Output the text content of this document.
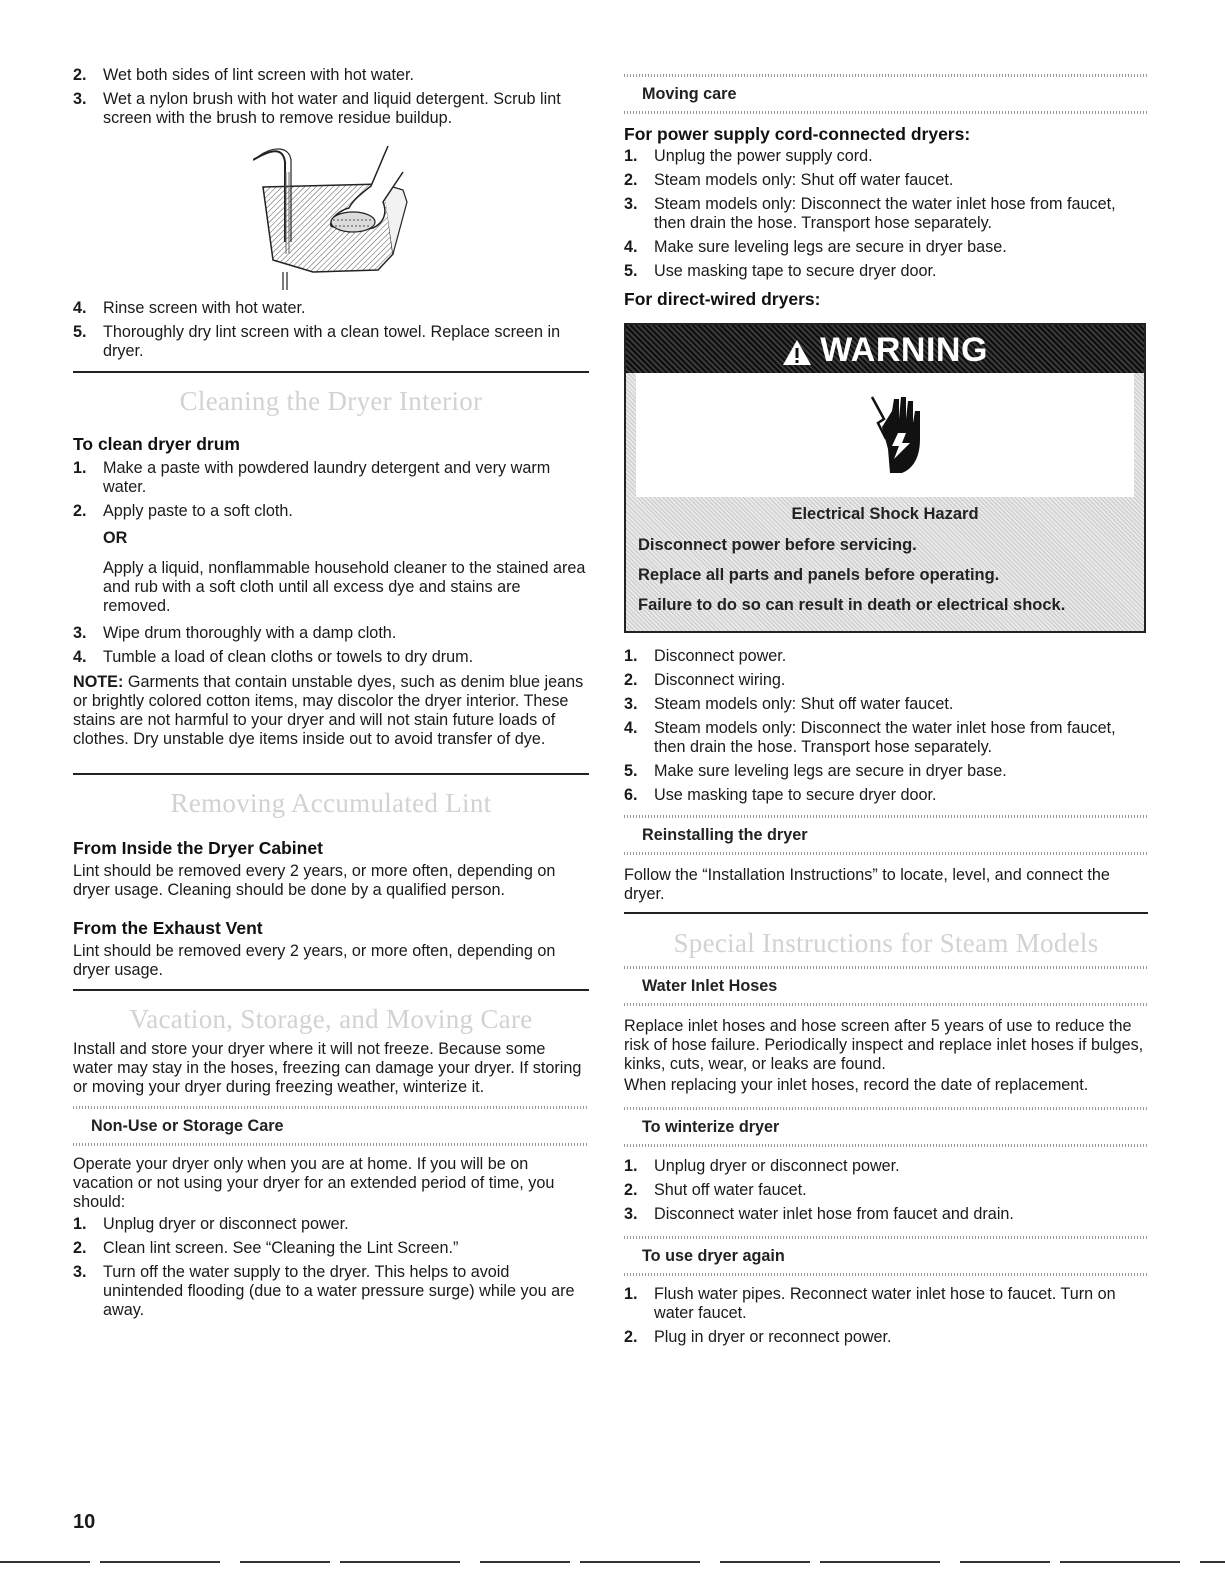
2. Wet both sides of lint screen with hot water.
3. Wet a nylon brush with hot water and liquid detergent. Scrub lint screen with the brush to remove residue buildup.
4. Rinse screen with hot water.
5. Thoroughly dry lint screen with a clean towel. Replace screen in dryer.
Cleaning the Dryer Interior
To clean dryer drum
1. Make a paste with powdered laundry detergent and very warm water.
2. Apply paste to a soft cloth.
OR
Apply a liquid, nonflammable household cleaner to the stained area and rub with a soft cloth until all excess dye and stains are removed.
3. Wipe drum thoroughly with a damp cloth.
4. Tumble a load of clean cloths or towels to dry drum.
NOTE: Garments that contain unstable dyes, such as denim blue jeans or brightly colored cotton items, may discolor the dryer interior. These stains are not harmful to your dryer and will not stain future loads of clothes. Dry unstable dye items inside out to avoid transfer of dye.
Removing Accumulated Lint
From Inside the Dryer Cabinet
Lint should be removed every 2 years, or more often, depending on dryer usage. Cleaning should be done by a qualified person.
From the Exhaust Vent
Lint should be removed every 2 years, or more often, depending on dryer usage.
Vacation, Storage, and Moving Care
Install and store your dryer where it will not freeze. Because some water may stay in the hoses, freezing can damage your dryer. If storing or moving your dryer during freezing weather, winterize it.
Non-Use or Storage Care
Operate your dryer only when you are at home. If you will be on vacation or not using your dryer for an extended period of time, you should:
1. Unplug dryer or disconnect power.
2. Clean lint screen. See “Cleaning the Lint Screen.”
3. Turn off the water supply to the dryer. This helps to avoid unintended flooding (due to a water pressure surge) while you are away.
Moving care
For power supply cord-connected dryers:
1. Unplug the power supply cord.
2. Steam models only: Shut off water faucet.
3. Steam models only: Disconnect the water inlet hose from faucet, then drain the hose. Transport hose separately.
4. Make sure leveling legs are secure in dryer base.
5. Use masking tape to secure dryer door.
For direct-wired dryers:
WARNING
Electrical Shock Hazard
Disconnect power before servicing.
Replace all parts and panels before operating.
Failure to do so can result in death or electrical shock.
1. Disconnect power.
2. Disconnect wiring.
3. Steam models only: Shut off water faucet.
4. Steam models only: Disconnect the water inlet hose from faucet, then drain the hose. Transport hose separately.
5. Make sure leveling legs are secure in dryer base.
6. Use masking tape to secure dryer door.
Reinstalling the dryer
Follow the “Installation Instructions” to locate, level, and connect the dryer.
Special Instructions for Steam Models
Water Inlet Hoses
Replace inlet hoses and hose screen after 5 years of use to reduce the risk of hose failure. Periodically inspect and replace inlet hoses if bulges, kinks, cuts, wear, or leaks are found.
When replacing your inlet hoses, record the date of replacement.
To winterize dryer
1. Unplug dryer or disconnect power.
2. Shut off water faucet.
3. Disconnect water inlet hose from faucet and drain.
To use dryer again
1. Flush water pipes. Reconnect water inlet hose to faucet. Turn on water faucet.
2. Plug in dryer or reconnect power.
10
